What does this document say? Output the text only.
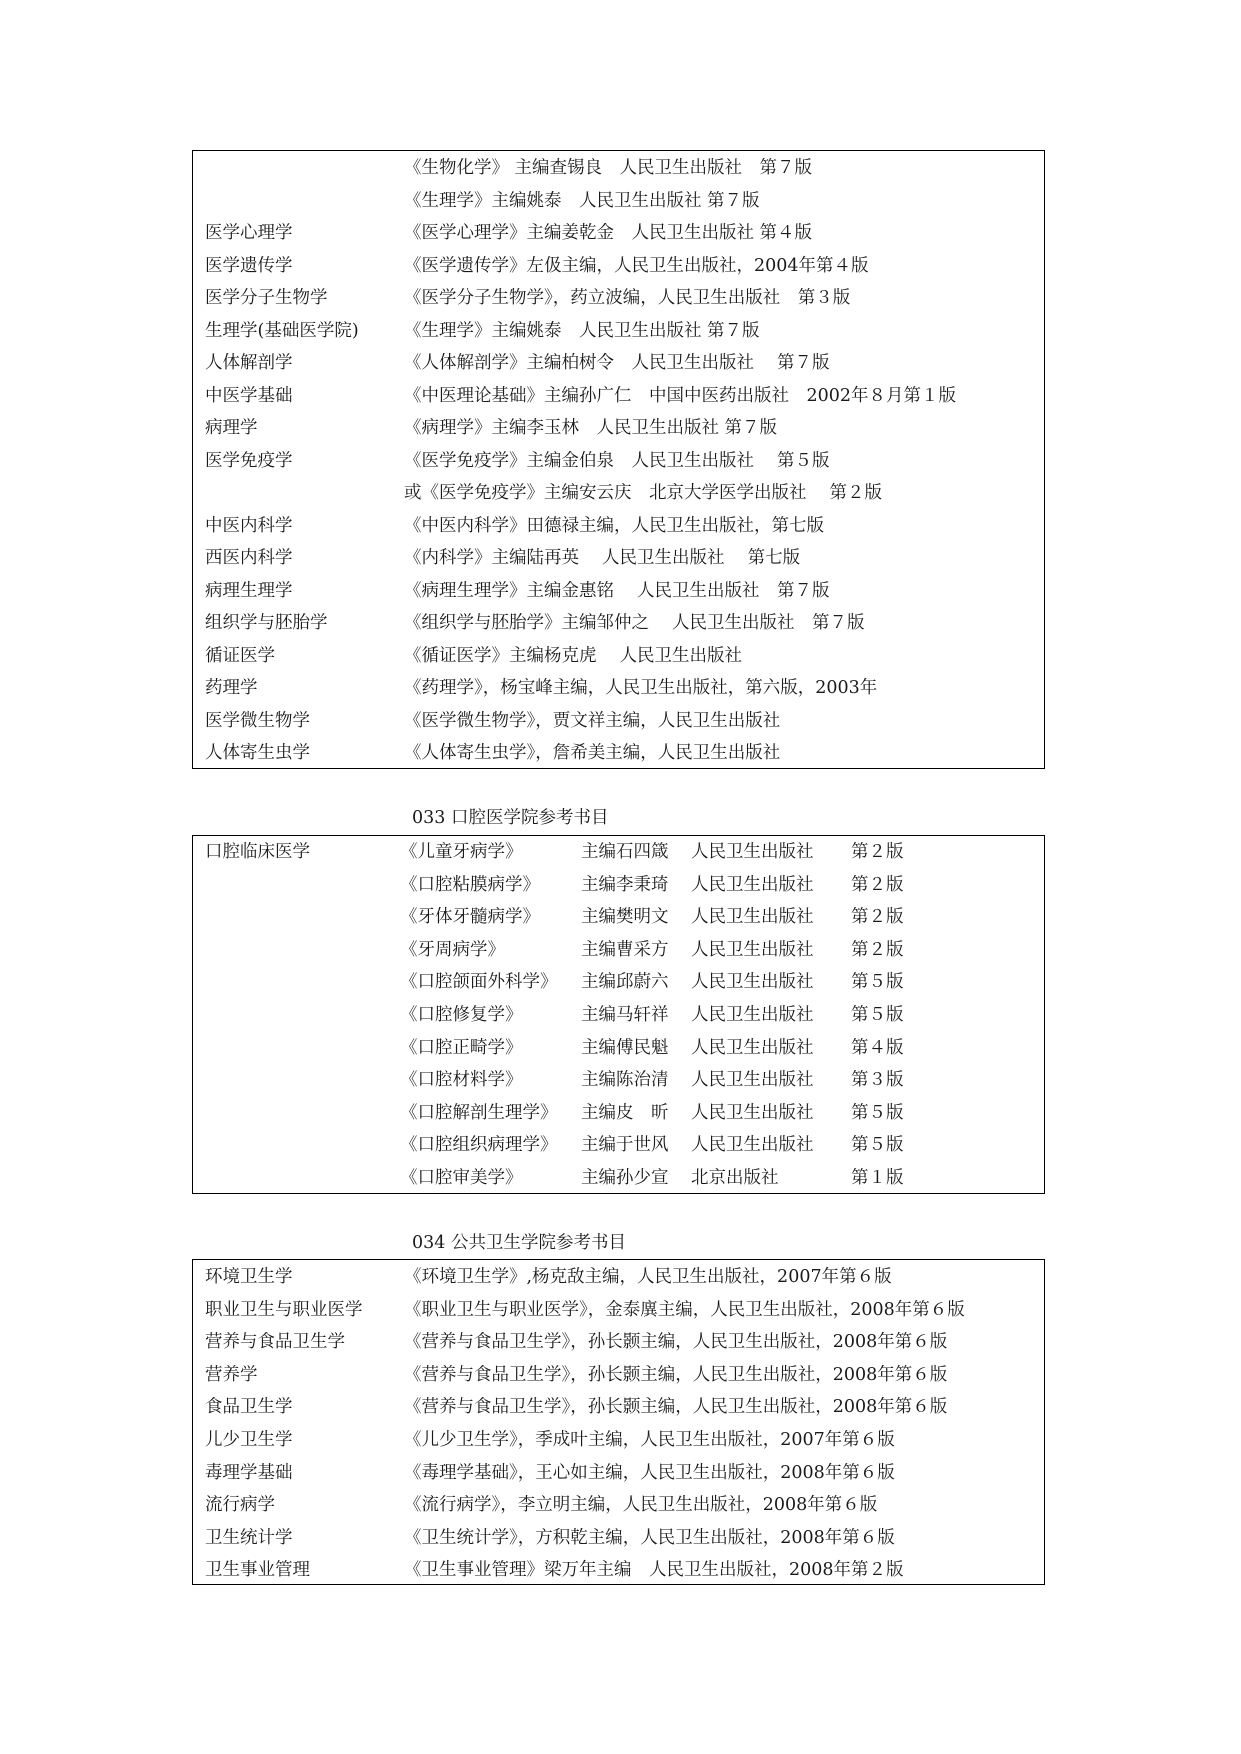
《生物化学》 主编查锡良　人民卫生出版社　第７版
《生理学》主编姚泰　人民卫生出版社 第７版
医学心理学	《医学心理学》主编姜乾金　人民卫生出版社 第４版
医学遗传学	《医学遗传学》左伋主编，人民卫生出版社，2004年第４版
医学分子生物学	《医学分子生物学》，药立波编，人民卫生出版社　第３版
生理学(基础医学院)	《生理学》主编姚泰　人民卫生出版社 第７版
人体解剖学	《人体解剖学》主编柏树令　人民卫生出版社　 第７版
中医学基础	《中医理论基础》主编孙广仁　中国中医药出版社　2002年８月第１版
病理学	《病理学》主编李玉林　人民卫生出版社 第７版
医学免疫学	《医学免疫学》主编金伯泉　人民卫生出版社　 第５版
或《医学免疫学》主编安云庆　北京大学医学出版社　 第２版
中医内科学	《中医内科学》田德禄主编，人民卫生出版社，第七版
西医内科学	《内科学》主编陆再英　 人民卫生出版社　 第七版
病理生理学	《病理生理学》主编金惠铭　 人民卫生出版社　第７版
组织学与胚胎学	《组织学与胚胎学》主编邹仲之　 人民卫生出版社　第７版
循证医学	《循证医学》主编杨克虎　 人民卫生出版社
药理学	《药理学》，杨宝峰主编，人民卫生出版社，第六版，2003年
医学微生物学	《医学微生物学》，贾文祥主编，人民卫生出版社
人体寄生虫学	《人体寄生虫学》，詹希美主编，人民卫生出版社
033 口腔医学院参考书目
口腔临床医学	《儿童牙病学》	主编石四箴 人民卫生出版社 第２版
《口腔粘膜病学》 主编李秉琦 人民卫生出版社 第２版
《牙体牙髓病学》 主编樊明文 人民卫生出版社 第２版
《牙周病学》	主编曹采方 人民卫生出版社 第２版
《口腔颌面外科学》 主编邱蔚六 人民卫生出版社 第５版
《口腔修复学》	主编马轩祥 人民卫生出版社 第５版
《口腔正畸学》	主编傅民魁 人民卫生出版社 第４版
《口腔材料学》	主编陈治清 人民卫生出版社 第３版
《口腔解剖生理学》 主编皮　昕 人民卫生出版社 第５版
《口腔组织病理学》 主编于世风 人民卫生出版社 第５版
《口腔审美学》	主编孙少宣 北京出版社	第１版
034 公共卫生学院参考书目
环境卫生学	《环境卫生学》,杨克敌主编，人民卫生出版社，2007年第６版
职业卫生与职业医学 《职业卫生与职业医学》，金泰廙主编，人民卫生出版社，2008年第６版
营养与食品卫生学	《营养与食品卫生学》，孙长颢主编，人民卫生出版社，2008年第６版
营养学	《营养与食品卫生学》，孙长颢主编，人民卫生出版社，2008年第６版
食品卫生学	《营养与食品卫生学》，孙长颢主编，人民卫生出版社，2008年第６版
儿少卫生学	《儿少卫生学》，季成叶主编，人民卫生出版社，2007年第６版
毒理学基础	《毒理学基础》，王心如主编，人民卫生出版社，2008年第６版
流行病学	《流行病学》，李立明主编，人民卫生出版社，2008年第６版
卫生统计学	《卫生统计学》，方积乾主编，人民卫生出版社，2008年第６版
卫生事业管理	《卫生事业管理》梁万年主编　人民卫生出版社，2008年第２版
